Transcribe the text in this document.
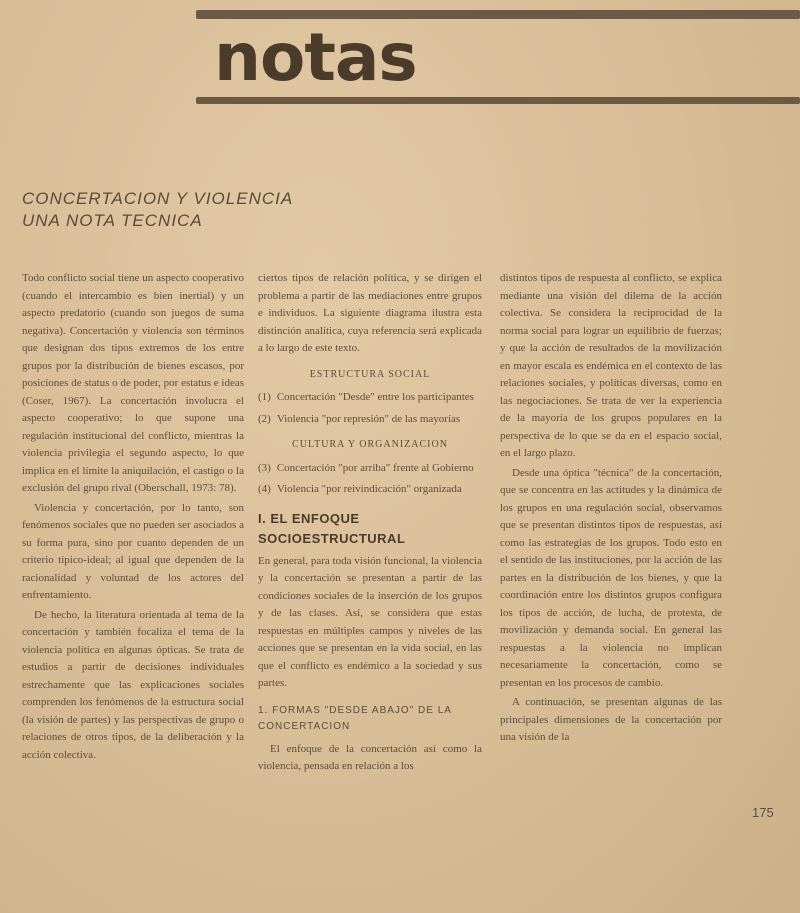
notas
CONCERTACION Y VIOLENCIA
UNA NOTA TECNICA

Todo conflicto social tiene un aspecto cooperativo (cuando el intercambio es bien inertial) y un aspecto predatorio (cuando son juegos de suma negativa). Concertación y violencia son términos que designan dos tipos extremos de los entre grupos por la distribución de bienes escasos, por posiciones de status o de poder, por estatus e ideas (Coser, 1967). La concertación involucra el aspecto cooperativo; lo que supone una regulación institucional del conflicto, mientras la violencia privilegia el segundo aspecto, lo que implica en el límite la aniquilación, el castigo o la exclusión del grupo rival (Oberschall, 1973: 78).

Violencia y concertación, por lo tanto, son fenómenos sociales que no pueden ser asociados a su forma pura, sino por cuanto dependen de un criterio típico-ideal; al igual que dependen de la racionalidad y voluntad de los actores del enfrentamiento.

De hecho, la literatura orientada al tema de la concertación y también focaliza el tema de la violencia política en algunas ópticas. Se trata de estudios a partir de decisiones individuales estrechamente que las explicaciones sociales comprenden los fenómenos de la estructura social (la visión de partes) y las perspectivas de grupo o relaciones de otros tipos, de la deliberación y la acción colectiva.

ciertos tipos de relación política, y se dirigen el problema a partir de las mediaciones entre grupos e individuos. La siguiente diagrama ilustra esta distinción analítica, cuya referencia será explicada a lo largo de este texto.

ESTRUCTURA SOCIAL
(1) Concertación "Desde" entre los participantes
(2) Violencia "por represión" de las mayorías
CULTURA Y ORGANIZACION
(3) Concertación "por arriba" frente al Gobierno
(4) Violencia "por reivindicación" organizada
I. EL ENFOQUE SOCIOESTRUCTURAL

En general, para toda visión funcional, la violencia y la concertación se presentan a partir de las condiciones sociales de la inserción de los grupos y de las clases. Así, se considera que estas respuestas en múltiples campos y niveles de las acciones que se presentan en la vida social, en las que el conflicto es endémico a la sociedad y sus partes.

1. FORMAS "DESDE ABAJO" DE LA CONCERTACION

El enfoque de la concertación así como la violencia, pensada en relación a los

distintos tipos de respuesta al conflicto, se explica mediante una visión del dilema de la acción colectiva. Se considera la reciprocidad de la norma social para lograr un equilibrio de fuerzas; y que la acción de resultados de la movilización en mayor escala es endémica en el contexto de las relaciones sociales, y políticas diversas, como en las negociaciones. Se trata de ver la experiencia de la mayoría de los grupos populares en la perspectiva de lo que se da en el espacio social, en el largo plazo.

Desde una óptica "técnica" de la concertación, que se concentra en las actitudes y la dinámica de los grupos en una regulación social, observamos que se presentan distintos tipos de respuestas, así como las estrategias de los grupos. Todo esto en el sentido de las instituciones, por la acción de las partes en la distribución de los bienes, y que la coordinación entre los distintos grupos configura los tipos de acción, de lucha, de protesta, de movilización y demanda social. En general las respuestas a la violencia no implican necesariamente la concertación, como se presentan en los procesos de cambio.

A continuación, se presentan algunas de las principales dimensiones de la concertación por una visión de la

175
